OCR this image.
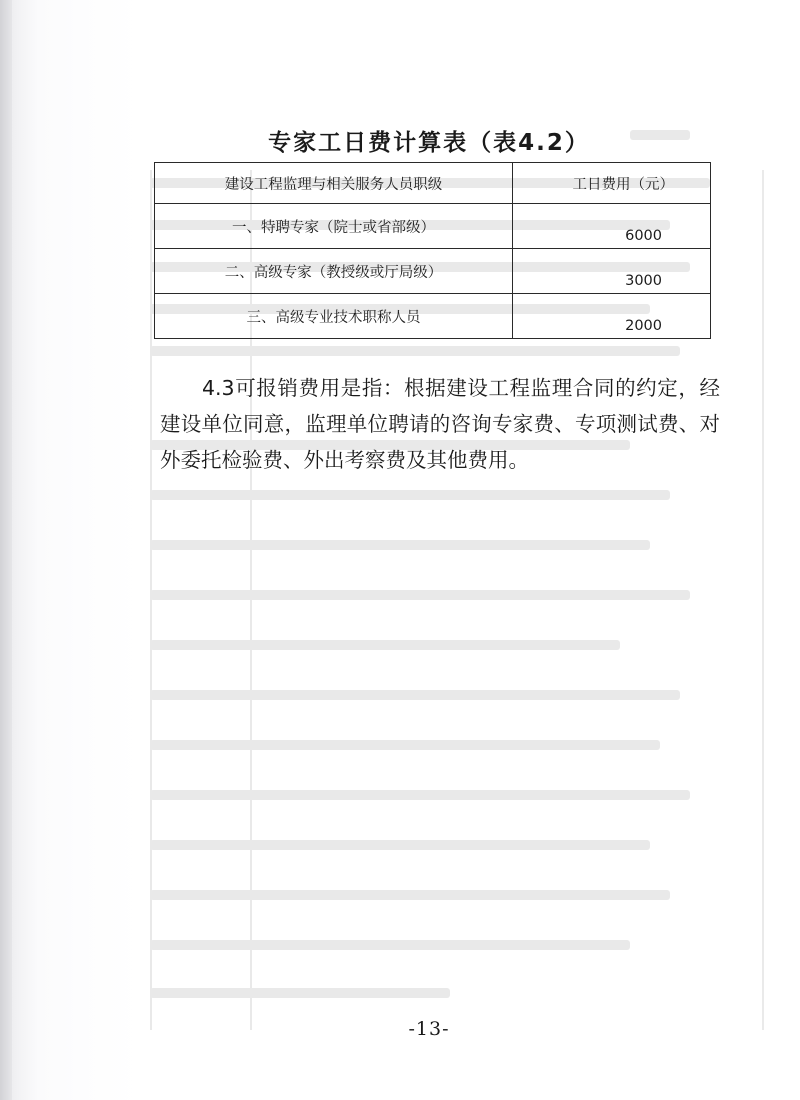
专家工日费计算表（表4.2）
建设工程监理与相关服务人员职级	工日费用（元）
一、特聘专家（院士或省部级）	6000
二、高级专家（教授级或厅局级）	3000
三、高级专业技术职称人员	2000

4.3可报销费用是指：根据建设工程监理合同的约定，经建设单位同意，监理单位聘请的咨询专家费、专项测试费、对外委托检验费、外出考察费及其他费用。

-13-
